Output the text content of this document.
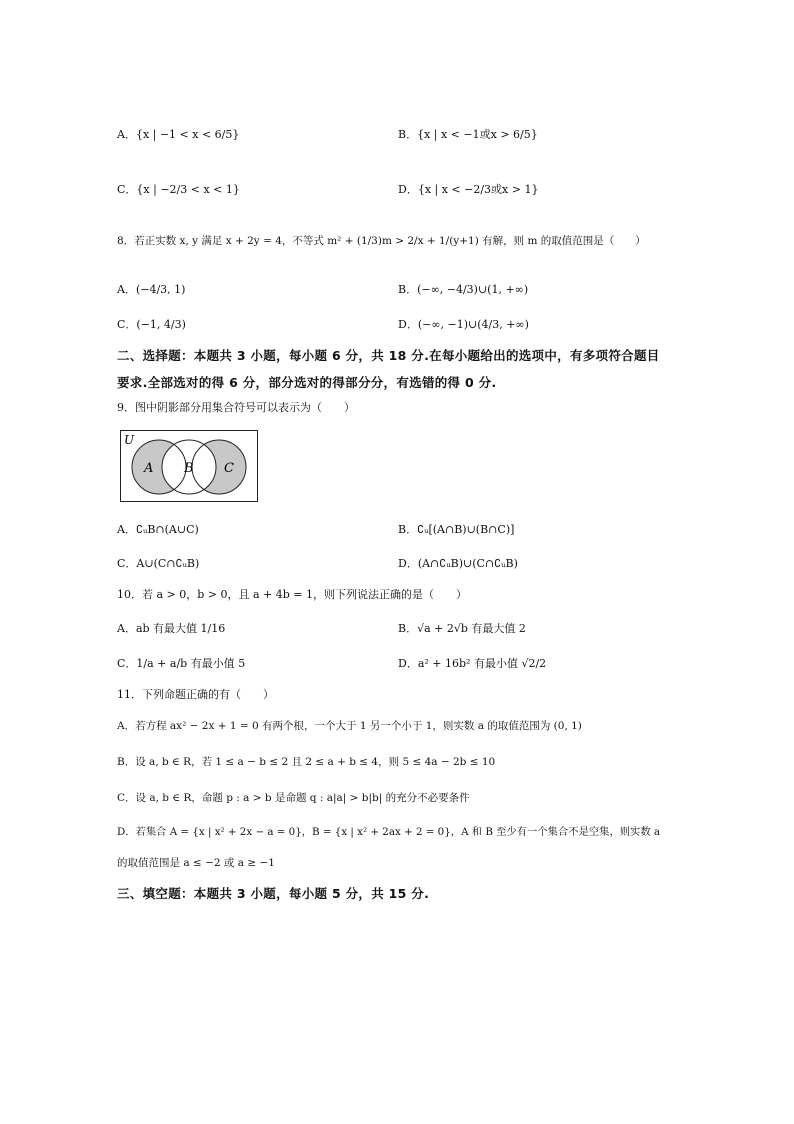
A．{x | −1 < x < 6/5}	B．{x | x < −1或x > 6/5}
C．{x | −2/3 < x < 1}	D．{x | x < −2/3或x > 1}
8．若正实数 x, y 满足 x + 2y = 4，不等式 m² + (1/3)m > 2/x + 1/(y+1) 有解，则 m 的取值范围是（　　）
A．(−4/3, 1)	B．(−∞, −4/3)∪(1, +∞)
C．(−1, 4/3)	D．(−∞, −1)∪(4/3, +∞)
二、选择题：本题共 3 小题，每小题 6 分，共 18 分.在每小题给出的选项中，有多项符合题目
要求.全部选对的得 6 分，部分选对的得部分分，有选错的得 0 分.
9．图中阴影部分用集合符号可以表示为（　　）
U
A B C
A．∁ᵤB∩(A∪C)	B．∁ᵤ[(A∩B)∪(B∩C)]
C．A∪(C∩∁ᵤB)	D．(A∩∁ᵤB)∪(C∩∁ᵤB)
10．若 a > 0，b > 0，且 a + 4b = 1，则下列说法正确的是（　　）
A．ab 有最大值 1/16	B．√a + 2√b 有最大值 2
C．1/a + a/b 有最小值 5	D．a² + 16b² 有最小值 √2/2
11．下列命题正确的有（　　）
A．若方程 ax² − 2x + 1 = 0 有两个根，一个大于 1 另一个小于 1，则实数 a 的取值范围为 (0, 1)
B．设 a, b ∈ R，若 1 ≤ a − b ≤ 2 且 2 ≤ a + b ≤ 4，则 5 ≤ 4a − 2b ≤ 10
C．设 a, b ∈ R，命题 p : a > b 是命题 q : a|a| > b|b| 的充分不必要条件
D．若集合 A = {x | x² + 2x − a = 0}，B = {x | x² + 2ax + 2 = 0}，A 和 B 至少有一个集合不是空集，则实数 a
的取值范围是 a ≤ −2 或 a ≥ −1
三、填空题：本题共 3 小题，每小题 5 分，共 15 分.
